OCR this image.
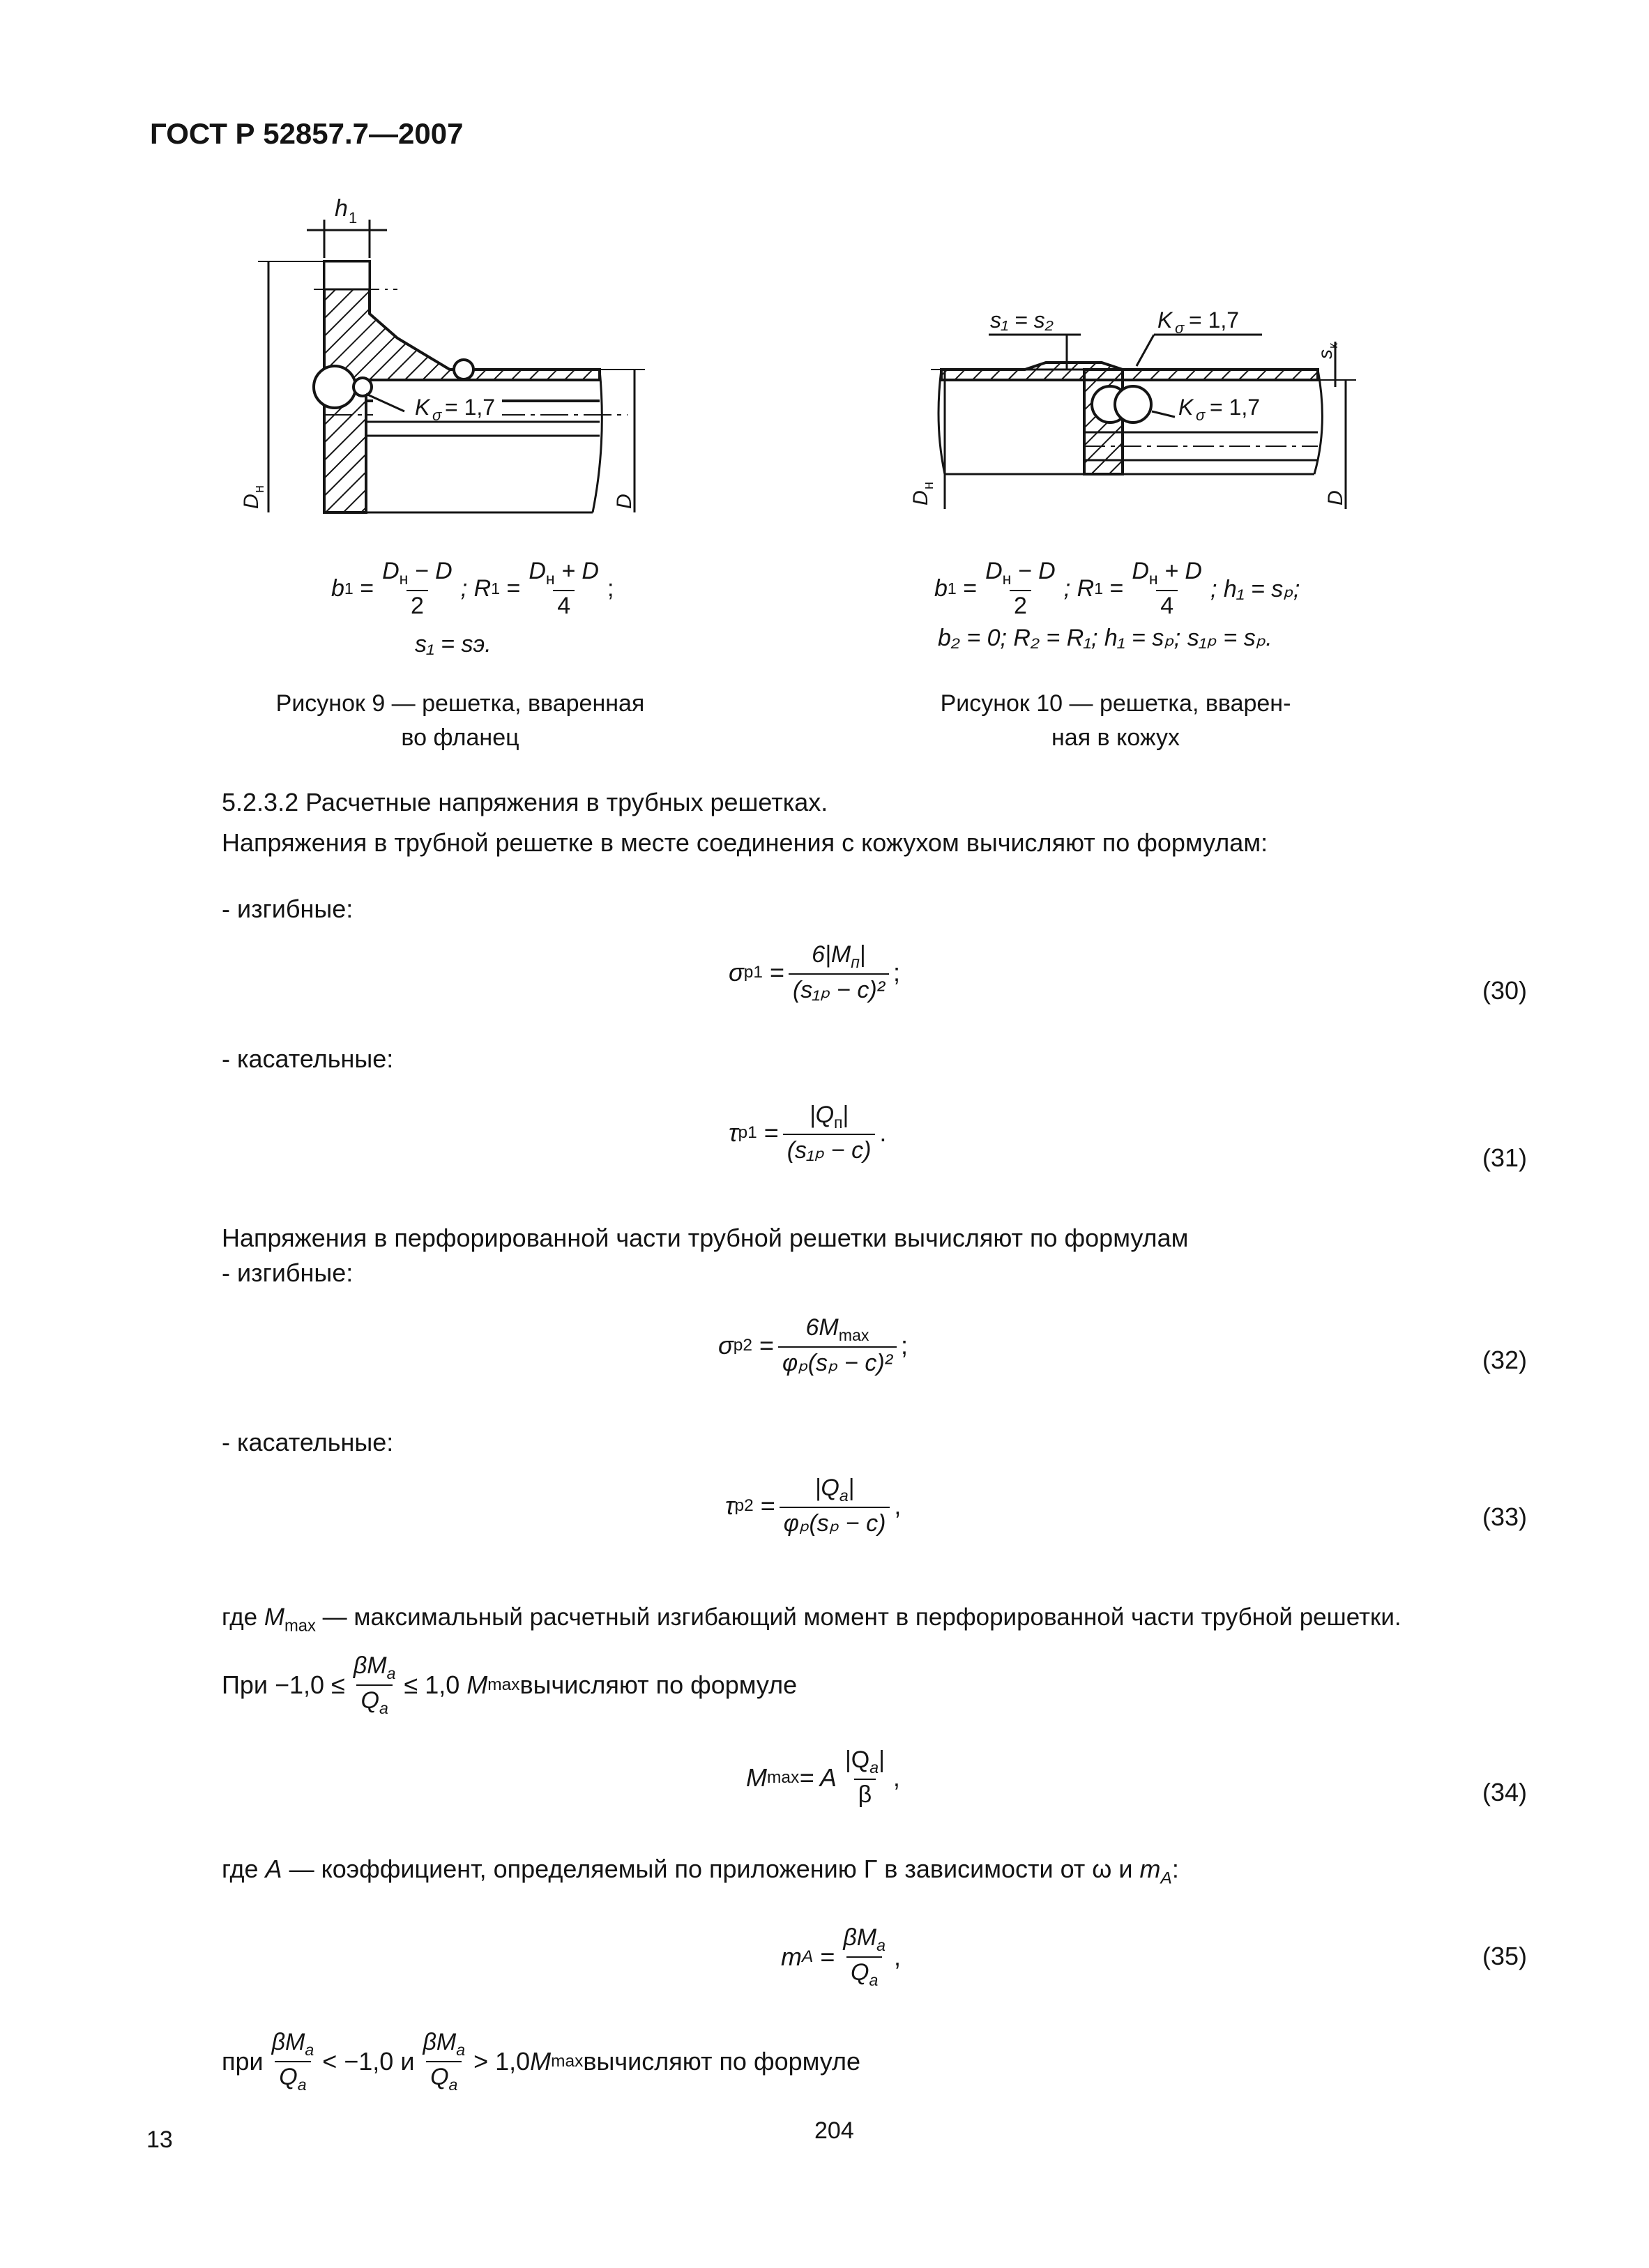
ГОСТ Р 52857.7—2007
h 1
K σ = 1,7
D
н
D
s₁ = s₂	K σ = 1,7
K σ = 1,7
D
н
D
s
к
b $1 = \frac{D_н - D}{2}$ ; R $1 = \frac{D_н + D}{4}$ ;
s₁ = sэ.
Рисунок 9 — решетка, вваренная
во фланец
b $1 = \frac{D_н - D}{2}$ ; R $1 = \frac{D_н + D}{4}$ ; h₁ = sₚ;
b₂ = 0; R₂ = R₁; h₁ = sₚ; s₁ₚ = sₚ.
Рисунок 10 — решетка, вварен-
ная в кожух
5.2.3.2 Расчетные напряжения в трубных решетках.
Напряжения в трубной решетке в месте соединения с кожухом вычисляют по формулам:
- изгибные:
σ $p1 = \frac{6|M_п|}{\text{(s₁ₚ − c)²}}$ ;
(30)
- касательные:
τ $p1 = \frac{|Q_п|}{\text{(s₁ₚ − c)}}$ .
(31)
Напряжения в перфорированной части трубной решетки вычисляют по формулам
- изгибные:
σ $p2 = \frac{6M_{max}}{\text{φₚ(sₚ − c)²}}$ ;
(32)
- касательные:
τ $p2 = \frac{|Q_a|}{\text{φₚ(sₚ − c)}}$ ,	(33)
где $M_{max}$ — максимальный расчетный изгибающий момент в перфорированной части трубной решетки.
При $-1,0 \le \frac{\beta M_a}{Q_a} \le 1,0$
M max вычисляют по формуле
M max = A $\frac{|Q_a|}{\beta}$ ,
(34)
где A — коэффициент, определяемый по приложению Г в зависимости от ω и $m_A$:
m $A = \frac{\beta M_a}{Q_a}$ ,	(35)
при $\frac{\beta M_a}{Q_a} < -1,0$ и $\frac{\beta M_a}{Q_a} > 1,0$ M max вычисляют по формуле
13	204
